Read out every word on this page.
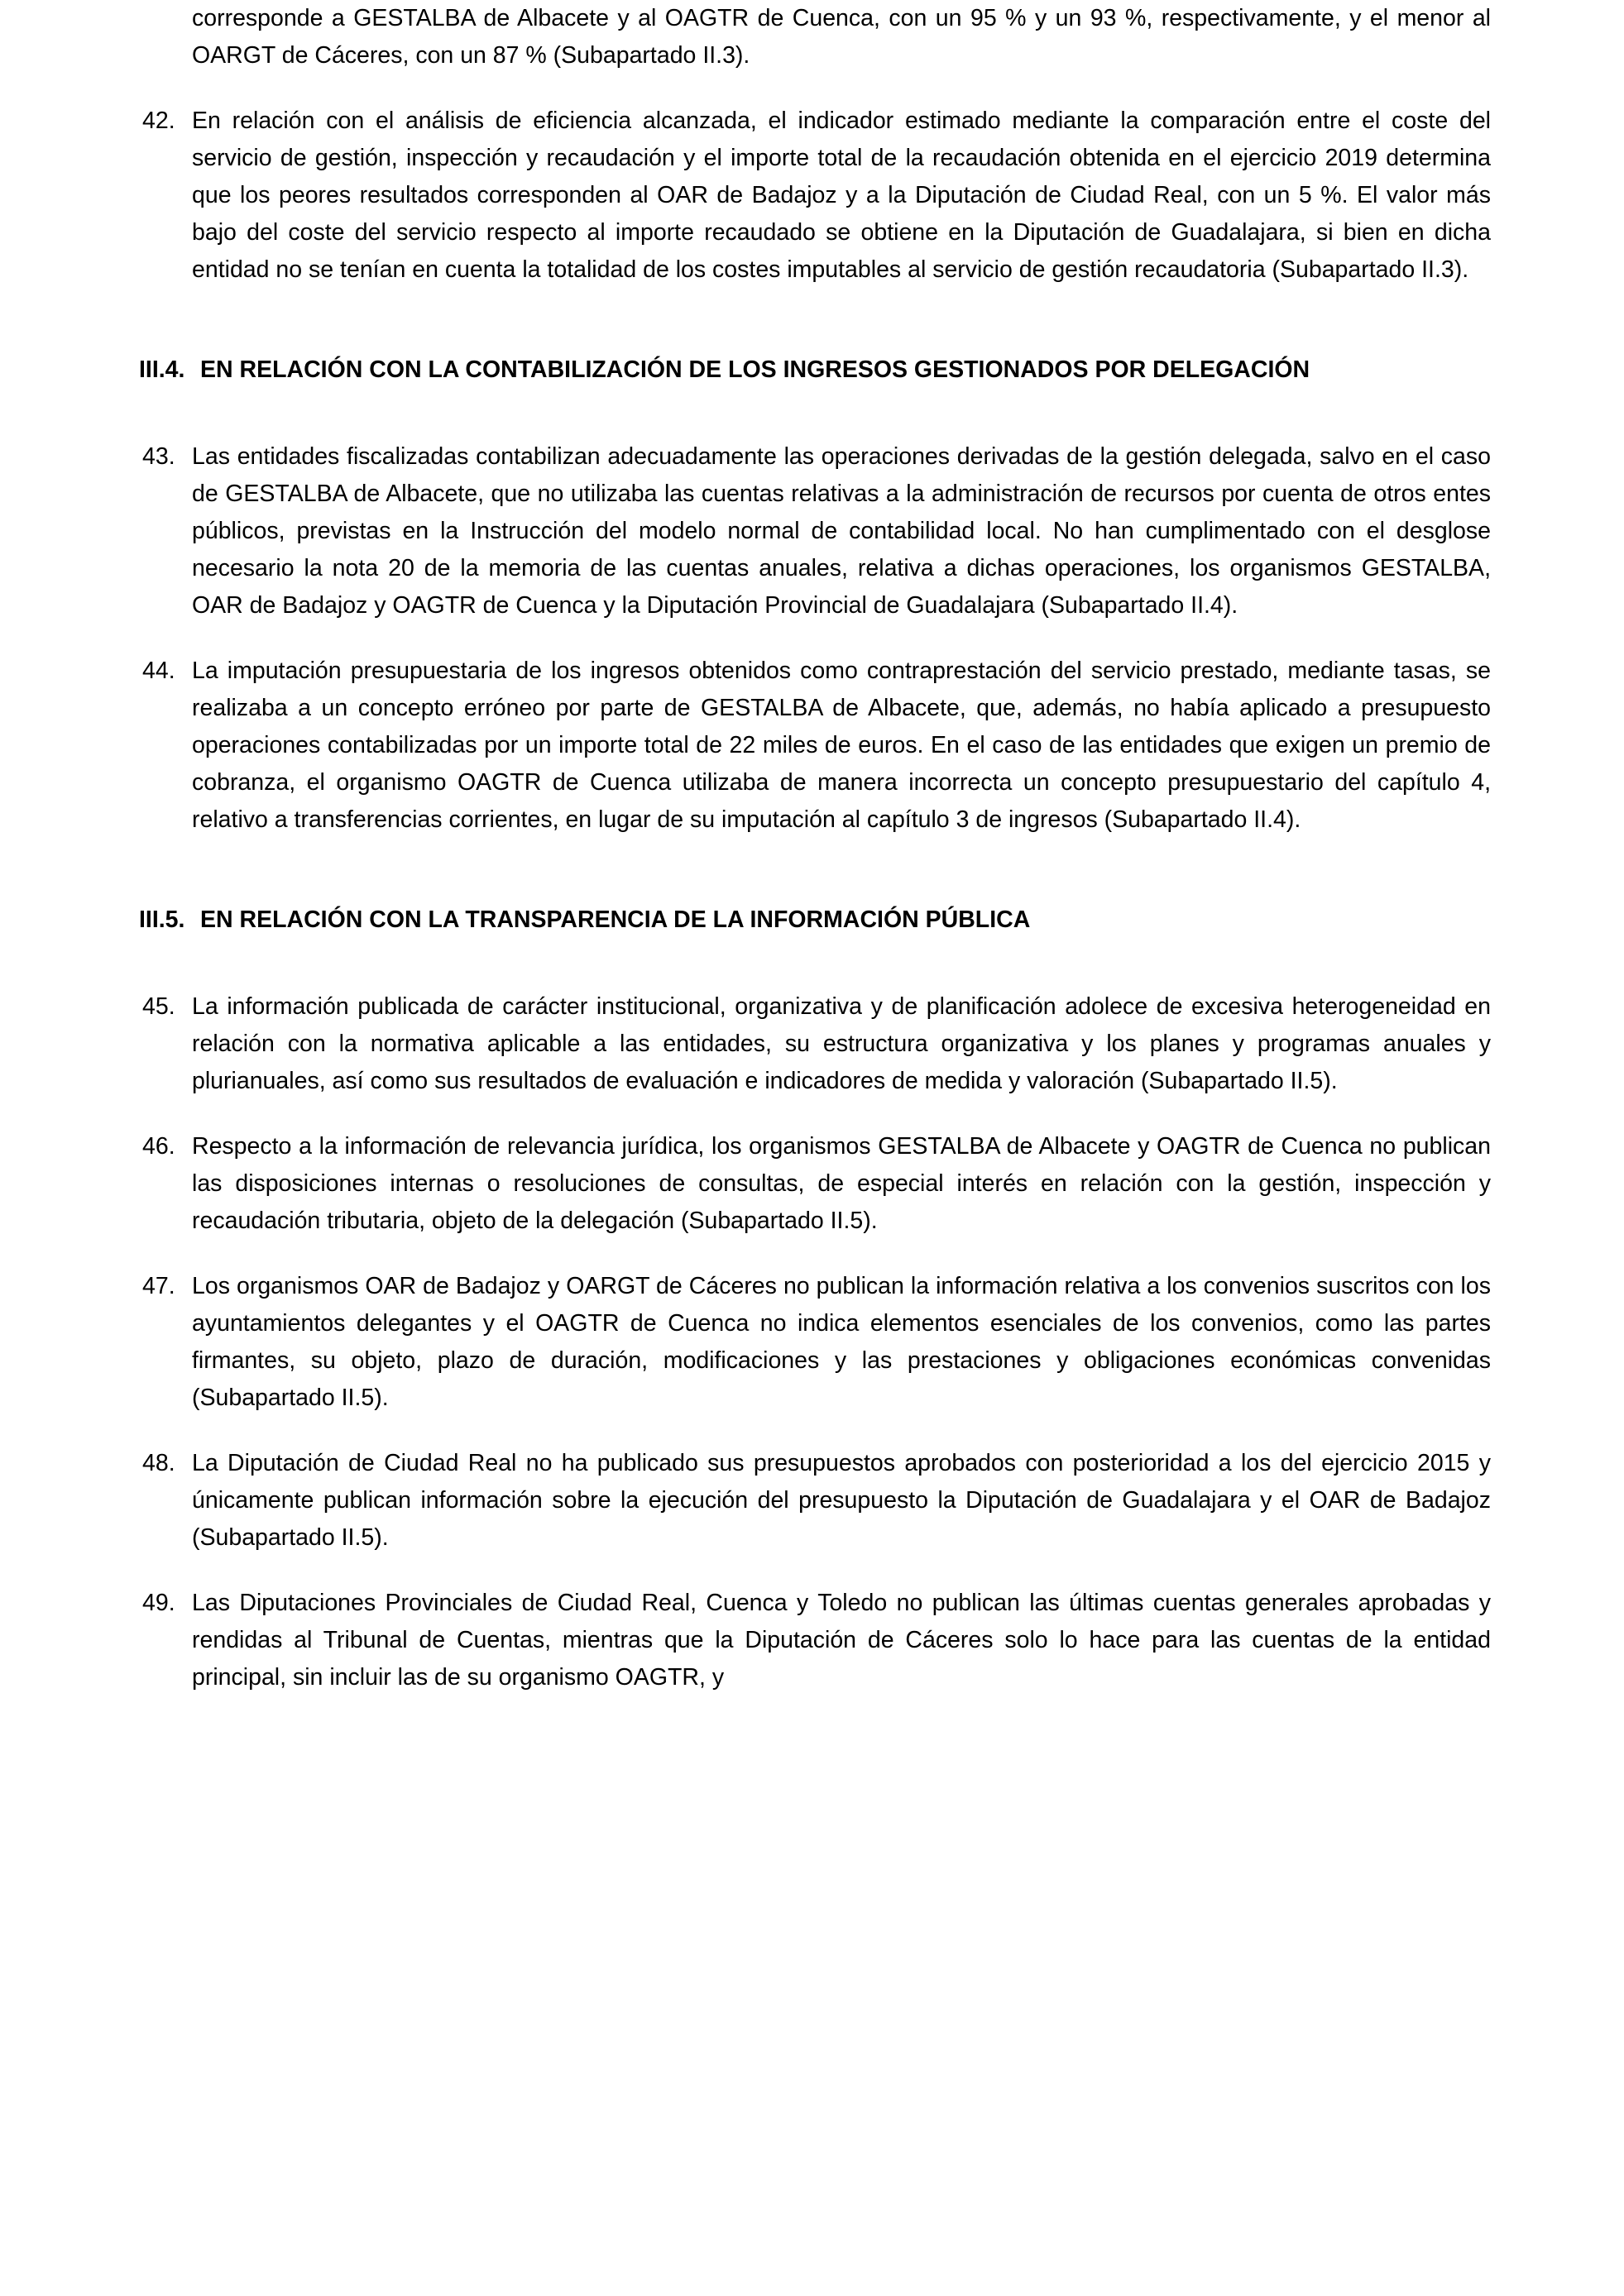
corresponde a GESTALBA de Albacete y al OAGTR de Cuenca, con un 95 % y un 93 %, respectivamente, y el menor al OARGT de Cáceres, con un 87 % (Subapartado II.3).

42. En relación con el análisis de eficiencia alcanzada, el indicador estimado mediante la comparación entre el coste del servicio de gestión, inspección y recaudación y el importe total de la recaudación obtenida en el ejercicio 2019 determina que los peores resultados corresponden al OAR de Badajoz y a la Diputación de Ciudad Real, con un 5 %. El valor más bajo del coste del servicio respecto al importe recaudado se obtiene en la Diputación de Guadalajara, si bien en dicha entidad no se tenían en cuenta la totalidad de los costes imputables al servicio de gestión recaudatoria (Subapartado II.3).
III.4. EN RELACIÓN CON LA CONTABILIZACIÓN DE LOS INGRESOS GESTIONADOS POR DELEGACIÓN
43. Las entidades fiscalizadas contabilizan adecuadamente las operaciones derivadas de la gestión delegada, salvo en el caso de GESTALBA de Albacete, que no utilizaba las cuentas relativas a la administración de recursos por cuenta de otros entes públicos, previstas en la Instrucción del modelo normal de contabilidad local. No han cumplimentado con el desglose necesario la nota 20 de la memoria de las cuentas anuales, relativa a dichas operaciones, los organismos GESTALBA, OAR de Badajoz y OAGTR de Cuenca y la Diputación Provincial de Guadalajara (Subapartado II.4).
44. La imputación presupuestaria de los ingresos obtenidos como contraprestación del servicio prestado, mediante tasas, se realizaba a un concepto erróneo por parte de GESTALBA de Albacete, que, además, no había aplicado a presupuesto operaciones contabilizadas por un importe total de 22 miles de euros. En el caso de las entidades que exigen un premio de cobranza, el organismo OAGTR de Cuenca utilizaba de manera incorrecta un concepto presupuestario del capítulo 4, relativo a transferencias corrientes, en lugar de su imputación al capítulo 3 de ingresos (Subapartado II.4).
III.5. EN RELACIÓN CON LA TRANSPARENCIA DE LA INFORMACIÓN PÚBLICA
45. La información publicada de carácter institucional, organizativa y de planificación adolece de excesiva heterogeneidad en relación con la normativa aplicable a las entidades, su estructura organizativa y los planes y programas anuales y plurianuales, así como sus resultados de evaluación e indicadores de medida y valoración (Subapartado II.5).
46. Respecto a la información de relevancia jurídica, los organismos GESTALBA de Albacete y OAGTR de Cuenca no publican las disposiciones internas o resoluciones de consultas, de especial interés en relación con la gestión, inspección y recaudación tributaria, objeto de la delegación (Subapartado II.5).
47. Los organismos OAR de Badajoz y OARGT de Cáceres no publican la información relativa a los convenios suscritos con los ayuntamientos delegantes y el OAGTR de Cuenca no indica elementos esenciales de los convenios, como las partes firmantes, su objeto, plazo de duración, modificaciones y las prestaciones y obligaciones económicas convenidas (Subapartado II.5).
48. La Diputación de Ciudad Real no ha publicado sus presupuestos aprobados con posterioridad a los del ejercicio 2015 y únicamente publican información sobre la ejecución del presupuesto la Diputación de Guadalajara y el OAR de Badajoz (Subapartado II.5).
49. Las Diputaciones Provinciales de Ciudad Real, Cuenca y Toledo no publican las últimas cuentas generales aprobadas y rendidas al Tribunal de Cuentas, mientras que la Diputación de Cáceres solo lo hace para las cuentas de la entidad principal, sin incluir las de su organismo OAGTR, y
